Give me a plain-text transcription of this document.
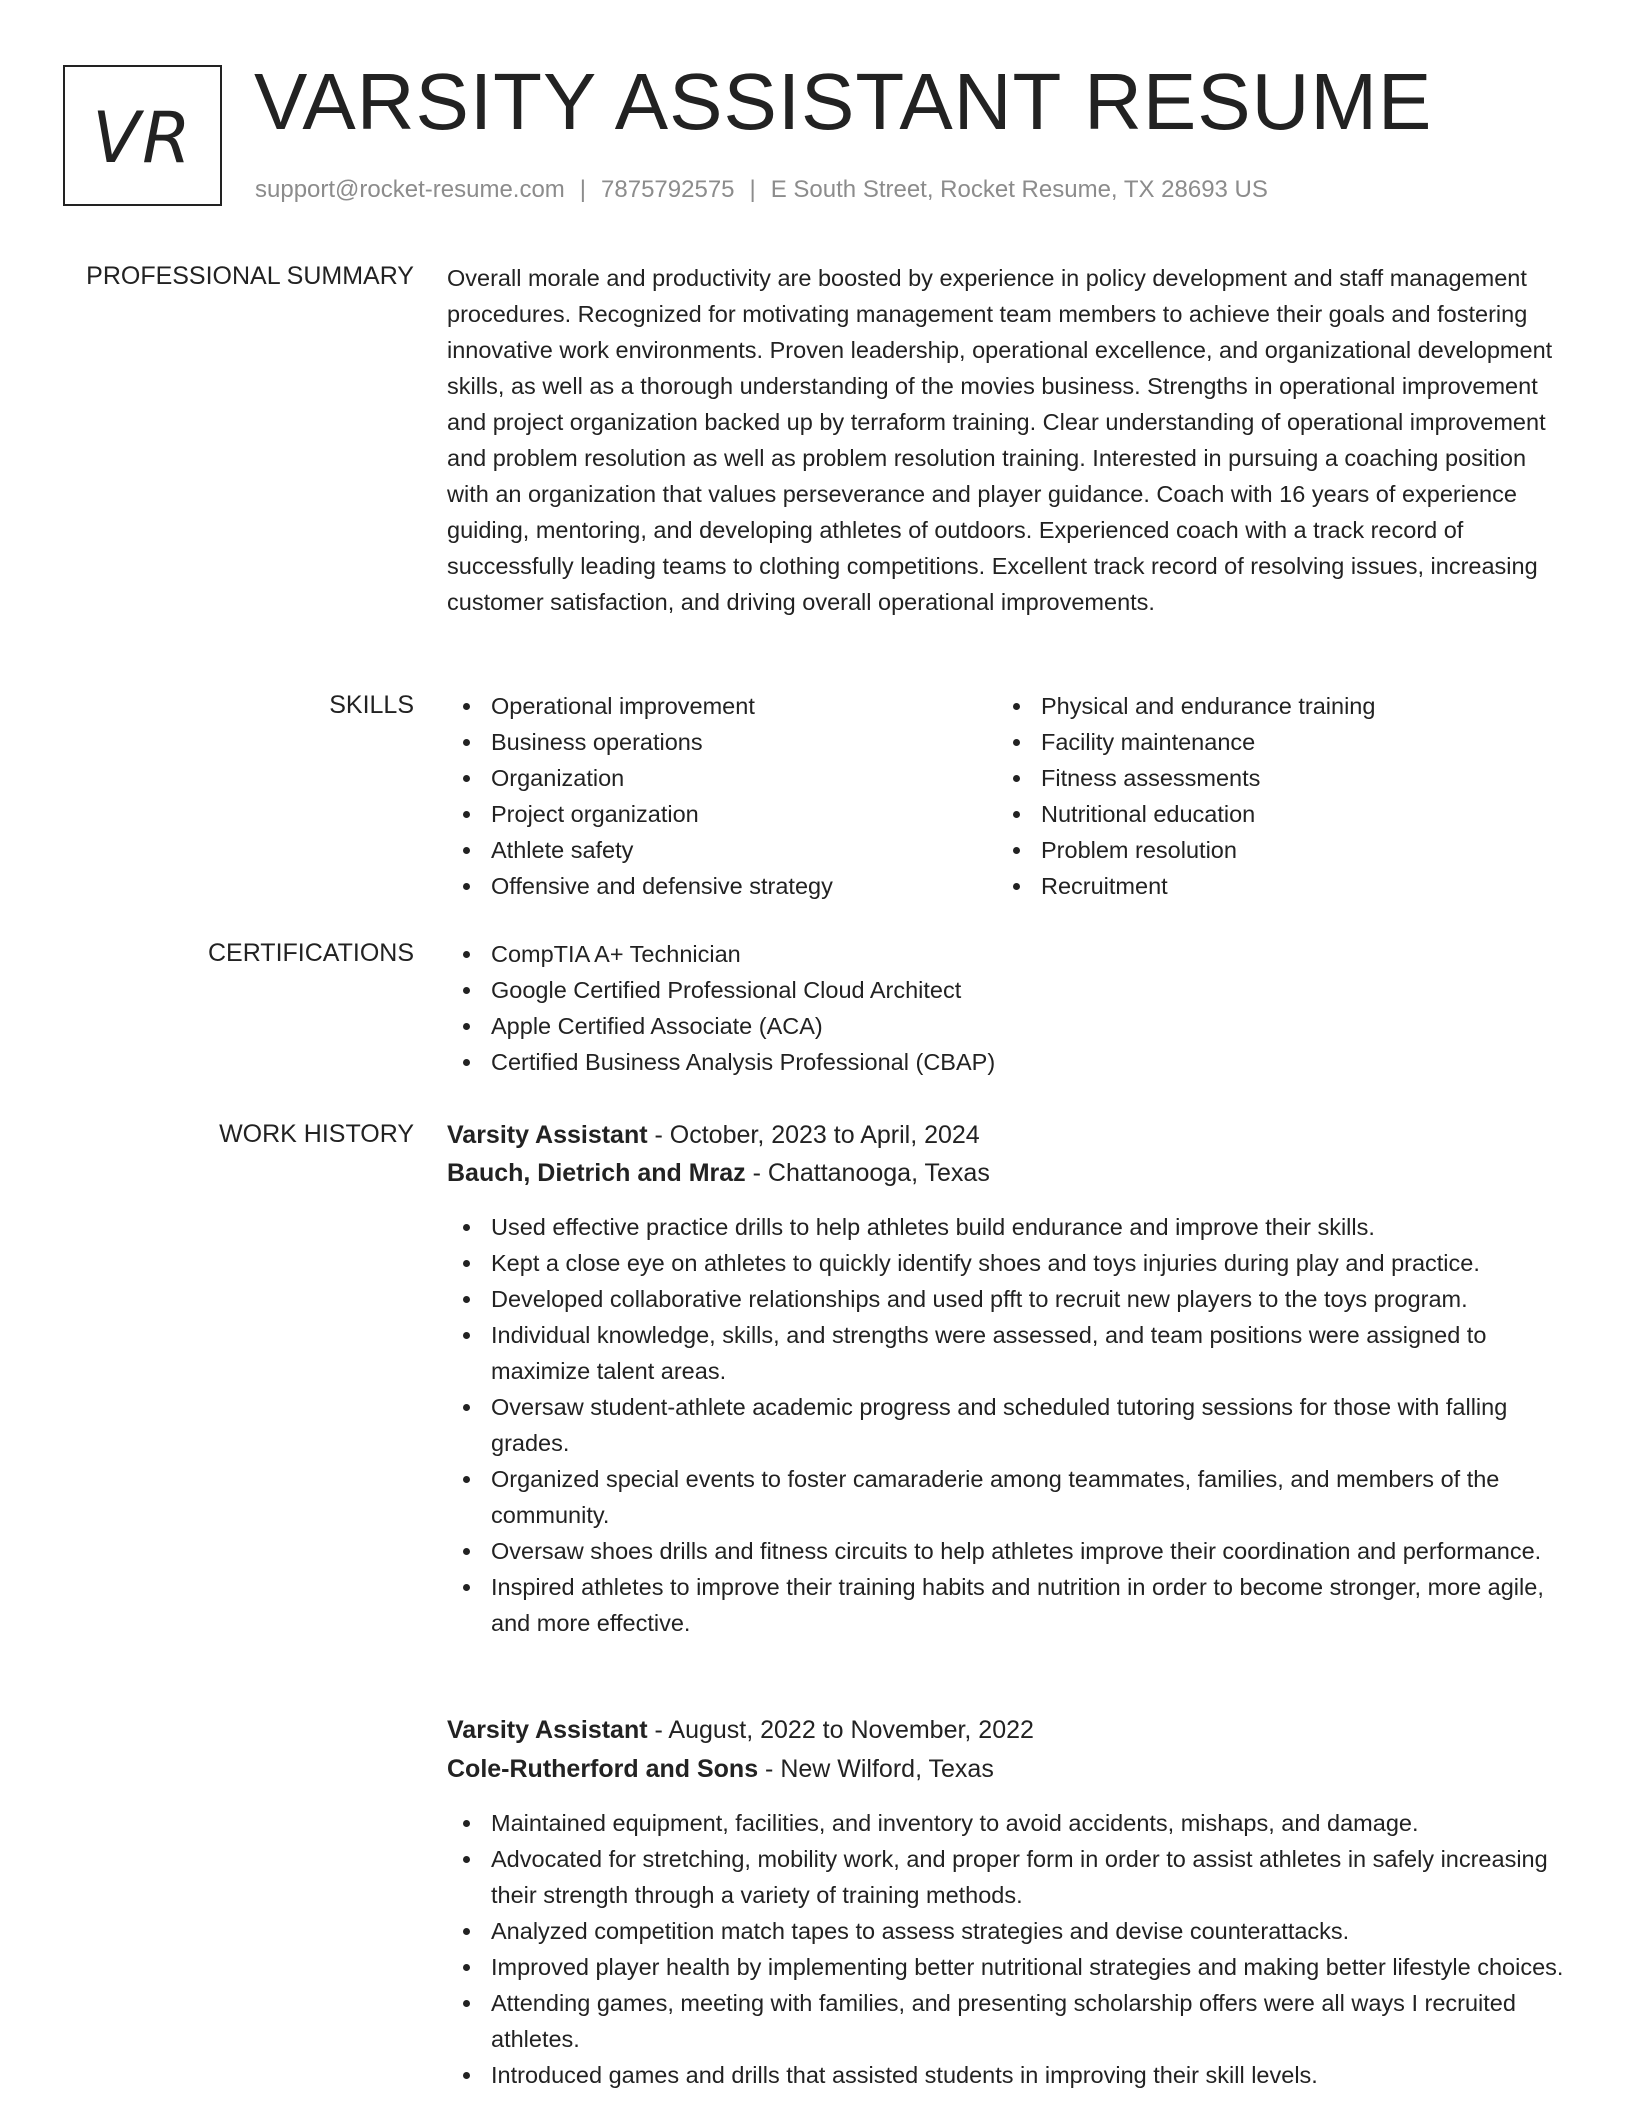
VR VARSITY ASSISTANT RESUME
support@rocket-resume.com | 7875792575 | E South Street, Rocket Resume, TX 28693 US
PROFESSIONAL SUMMARY Overall morale and productivity are boosted by experience in policy development and staff management procedures. Recognized for motivating management team members to achieve their goals and fostering innovative work environments. Proven leadership, operational excellence, and organizational development skills, as well as a thorough understanding of the movies business. Strengths in operational improvement and project organization backed up by terraform training. Clear understanding of operational improvement and problem resolution as well as problem resolution training. Interested in pursuing a coaching position with an organization that values perseverance and player guidance. Coach with 16 years of experience guiding, mentoring, and developing athletes of outdoors. Experienced coach with a track record of successfully leading teams to clothing competitions. Excellent track record of resolving issues, increasing customer satisfaction, and driving overall operational improvements.

SKILLS	Operational improvement
Business operations
Organization
Project organization
Athlete safety
Offensive and defensive strategy
Physical and endurance training
Facility maintenance
Fitness assessments
Nutritional education
Problem resolution
Recruitment
CERTIFICATIONS	CompTIA A+ Technician
Google Certified Professional Cloud Architect
Apple Certified Associate (ACA)
Certified Business Analysis Professional (CBAP)
WORK HISTORY Varsity Assistant - October, 2023 to April, 2024
Bauch, Dietrich and Mraz - Chattanooga, Texas
Used effective practice drills to help athletes build endurance and improve their skills.
Kept a close eye on athletes to quickly identify shoes and toys injuries during play and practice.
Developed collaborative relationships and used pfft to recruit new players to the toys program.
Individual knowledge, skills, and strengths were assessed, and team positions were assigned to maximize talent areas.
Oversaw student-athlete academic progress and scheduled tutoring sessions for those with falling grades.
Organized special events to foster camaraderie among teammates, families, and members of the community.
Oversaw shoes drills and fitness circuits to help athletes improve their coordination and performance.
Inspired athletes to improve their training habits and nutrition in order to become stronger, more agile, and more effective.
Varsity Assistant - August, 2022 to November, 2022
Cole-Rutherford and Sons - New Wilford, Texas
Maintained equipment, facilities, and inventory to avoid accidents, mishaps, and damage.
Advocated for stretching, mobility work, and proper form in order to assist athletes in safely increasing their strength through a variety of training methods.
Analyzed competition match tapes to assess strategies and devise counterattacks.
Improved player health by implementing better nutritional strategies and making better lifestyle choices.
Attending games, meeting with families, and presenting scholarship offers were all ways I recruited athletes.
Introduced games and drills that assisted students in improving their skill levels.
